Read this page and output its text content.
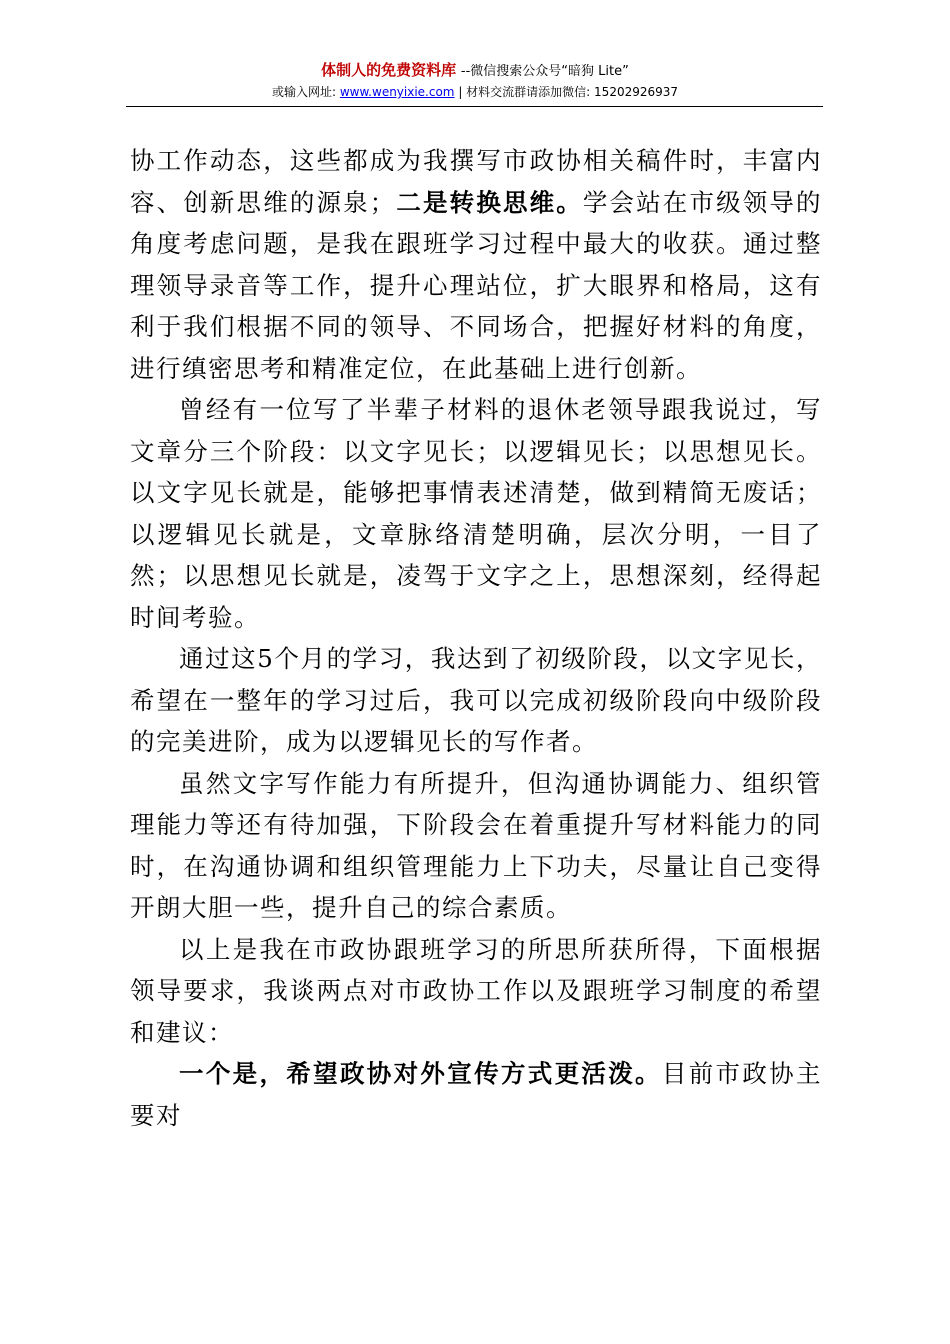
体制人的免费资料库 --微信搜索公众号“暗狗 Lite”
或输入网址: www.wenyixie.com | 材料交流群请添加微信: 15202926937

协工作动态，这些都成为我撰写市政协相关稿件时，丰富内容、创新思维的源泉；二是转换思维。学会站在市级领导的角度考虑问题，是我在跟班学习过程中最大的收获。通过整理领导录音等工作，提升心理站位，扩大眼界和格局，这有利于我们根据不同的领导、不同场合，把握好材料的角度，进行缜密思考和精准定位，在此基础上进行创新。

曾经有一位写了半辈子材料的退休老领导跟我说过，写文章分三个阶段：以文字见长；以逻辑见长；以思想见长。以文字见长就是，能够把事情表述清楚，做到精简无废话；以逻辑见长就是，文章脉络清楚明确，层次分明，一目了然；以思想见长就是，凌驾于文字之上，思想深刻，经得起时间考验。

通过这5个月的学习，我达到了初级阶段，以文字见长，希望在一整年的学习过后，我可以完成初级阶段向中级阶段的完美进阶，成为以逻辑见长的写作者。

虽然文字写作能力有所提升，但沟通协调能力、组织管理能力等还有待加强，下阶段会在着重提升写材料能力的同时，在沟通协调和组织管理能力上下功夫，尽量让自己变得开朗大胆一些，提升自己的综合素质。

以上是我在市政协跟班学习的所思所获所得，下面根据领导要求，我谈两点对市政协工作以及跟班学习制度的希望和建议：

一个是，希望政协对外宣传方式更活泼。目前市政协主要对
